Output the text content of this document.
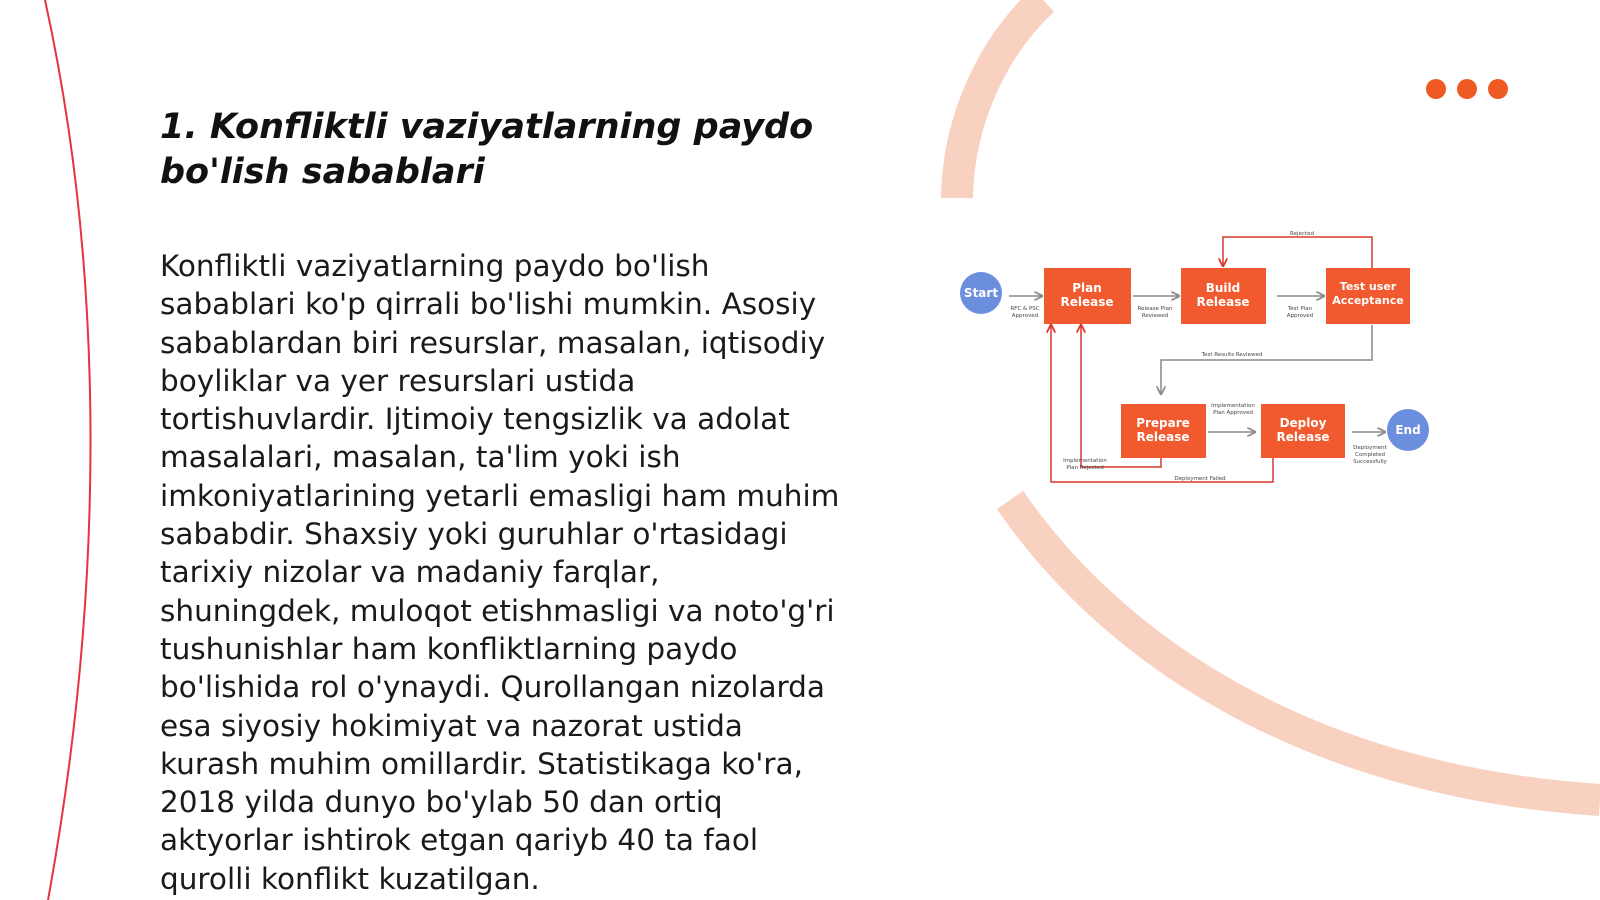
1. Konfliktli vaziyatlarning paydo bo'lish sabablari

Konfliktli vaziyatlarning paydo bo'lish sabablari ko'p qirrali bo'lishi mumkin. Asosiy sabablardan biri resurslar, masalan, iqtisodiy boyliklar va yer resurslari ustida tortishuvlardir. Ijtimoiy tengsizlik va adolat masalalari, masalan, ta'lim yoki ish imkoniyatlarining yetarli emasligi ham muhim sababdir. Shaxsiy yoki guruhlar o'rtasidagi tarixiy nizolar va madaniy farqlar, shuningdek, muloqot etishmasligi va noto'g'ri tushunishlar ham konfliktlarning paydo bo'lishida rol o'ynaydi. Qurollangan nizolarda esa siyosiy hokimiyat va nazorat ustida kurash muhim omillardir. Statistikaga ko'ra, 2018 yilda dunyo bo'ylab 50 dan ortiq aktyorlar ishtirok etgan qariyb 40 ta faol qurolli konflikt kuzatilgan.

Start	Plan
Release
Build
Release
Test user
Acceptance
Prepare
Release
Deploy
Release	End
Rejected
RFC & PSC
Approved
Release Plan
Reviewed
Test Plan
Approved
Test Results Reviewed
Implementation
Plan Approved
Implementation
Plan Rejected
Deployment Failed
Deployment
Completed
Successfully
